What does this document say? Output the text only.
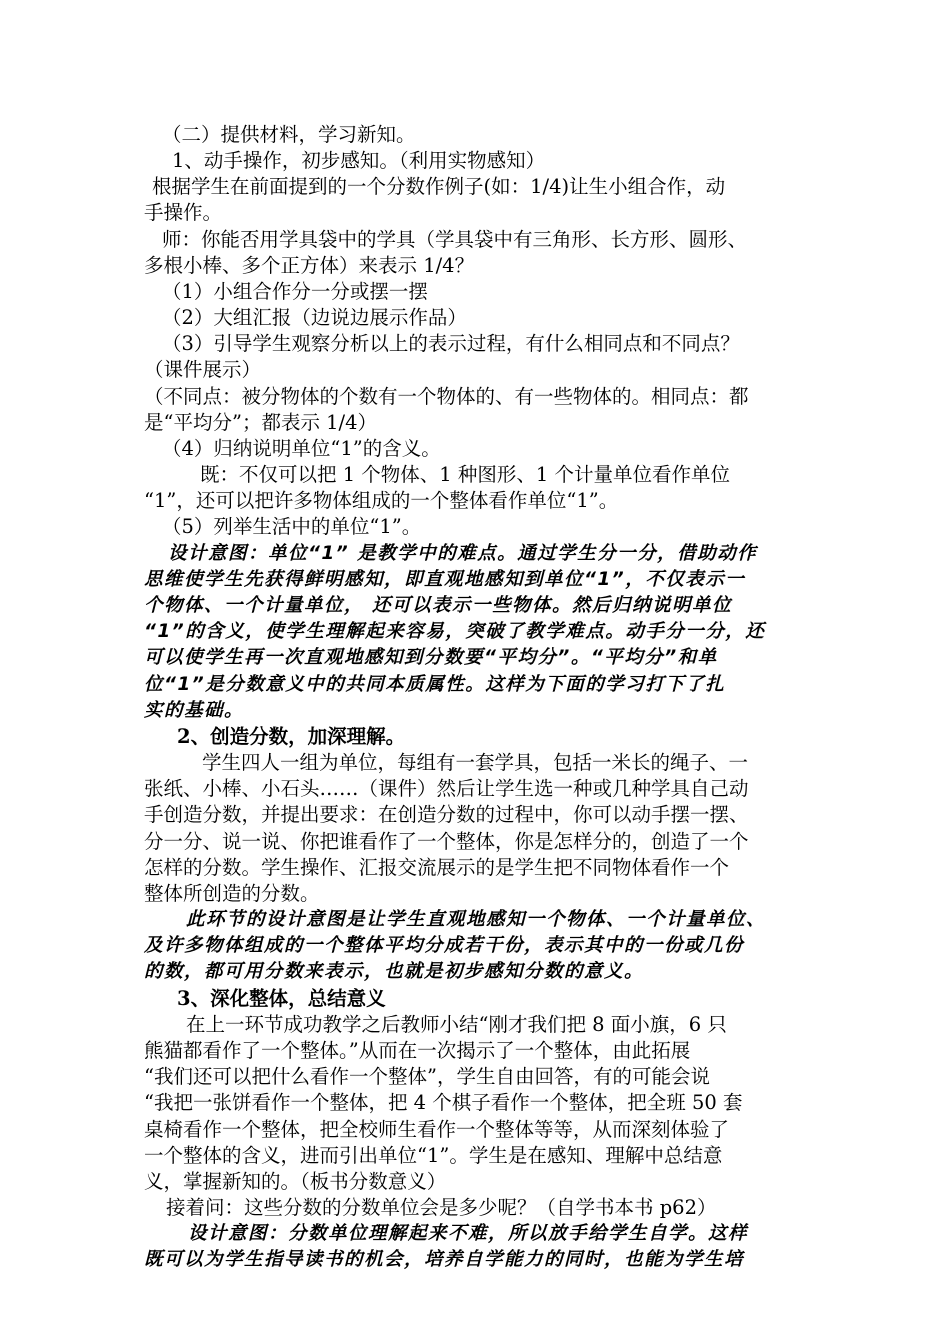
（二）提供材料，学习新知。
1、动手操作，初步感知。（利用实物感知）
根据学生在前面提到的一个分数作例子(如：1/4)让生小组合作，动
手操作。
师：你能否用学具袋中的学具（学具袋中有三角形、长方形、圆形、
多根小棒、多个正方体）来表示 1/4？
（1）小组合作分一分或摆一摆
（2）大组汇报（边说边展示作品）
（3）引导学生观察分析以上的表示过程，有什么相同点和不同点？
（课件展示）
（不同点：被分物体的个数有一个物体的、有一些物体的。相同点：都
是“平均分”；都表示 1/4）
（4）归纳说明单位“1”的含义。
既：不仅可以把 1 个物体、1 种图形、1 个计量单位看作单位
“1”，还可以把许多物体组成的一个整体看作单位“1”。
（5）列举生活中的单位“1”。
设计意图：单位“1” 是教学中的难点。通过学生分一分，借助动作
思维使学生先获得鲜明感知，即直观地感知到单位“1”，不仅表示一
个物体、一个计量单位， 还可以表示一些物体。然后归纳说明单位
“1”的含义，使学生理解起来容易，突破了教学难点。动手分一分，还
可以使学生再一次直观地感知到分数要“平均分”。“平均分”和单
位“1”是分数意义中的共同本质属性。这样为下面的学习打下了扎
实的基础。
2、创造分数，加深理解。
学生四人一组为单位，每组有一套学具，包括一米长的绳子、一
张纸、小棒、小石头……（课件）然后让学生选一种或几种学具自己动
手创造分数，并提出要求：在创造分数的过程中，你可以动手摆一摆、
分一分、说一说、你把谁看作了一个整体，你是怎样分的，创造了一个
怎样的分数。学生操作、汇报交流展示的是学生把不同物体看作一个
整体所创造的分数。
此环节的设计意图是让学生直观地感知一个物体、一个计量单位、
及许多物体组成的一个整体平均分成若干份，表示其中的一份或几份
的数，都可用分数来表示，也就是初步感知分数的意义。
3、深化整体，总结意义
在上一环节成功教学之后教师小结“刚才我们把 8 面小旗，6 只
熊猫都看作了一个整体。”从而在一次揭示了一个整体，由此拓展
“我们还可以把什么看作一个整体”，学生自由回答，有的可能会说
“我把一张饼看作一个整体，把 4 个棋子看作一个整体，把全班 50 套
桌椅看作一个整体，把全校师生看作一个整体等等，从而深刻体验了
一个整体的含义，进而引出单位“1”。学生是在感知、理解中总结意
义，掌握新知的。（板书分数意义）
接着问：这些分数的分数单位会是多少呢？（自学书本书 p62）
设计意图：分数单位理解起来不难，所以放手给学生自学。这样
既可以为学生指导读书的机会，培养自学能力的同时，也能为学生培
